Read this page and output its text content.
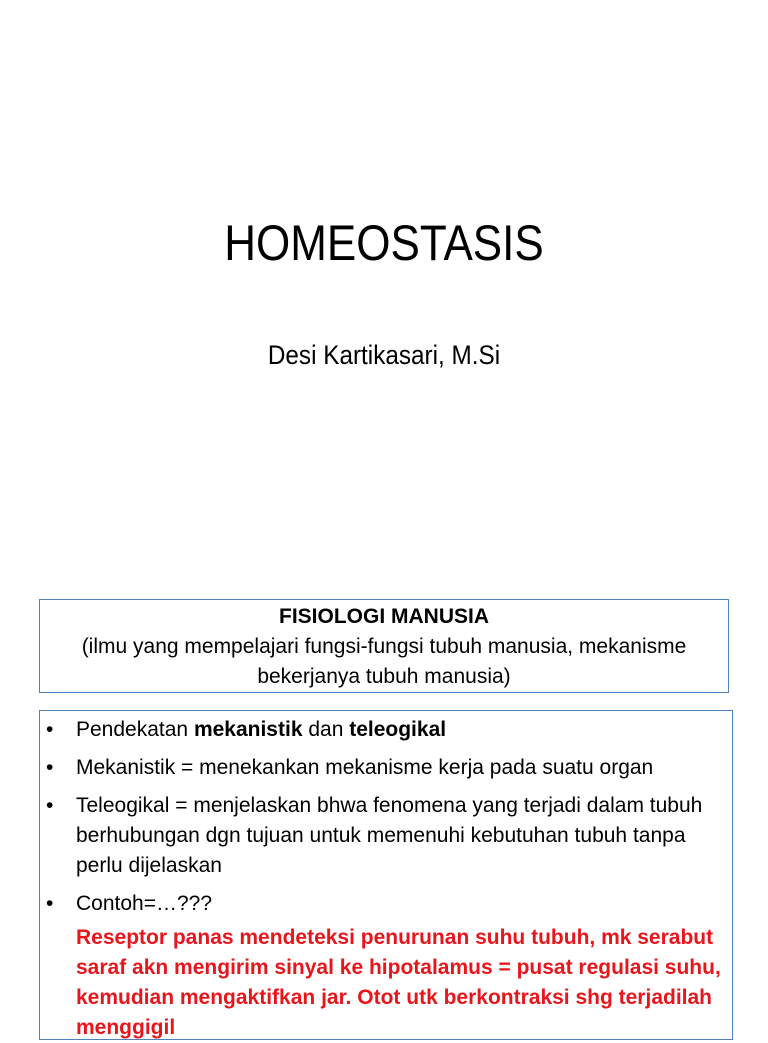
HOMEOSTASIS
Desi Kartikasari, M.Si
FISIOLOGI MANUSIA
(ilmu yang mempelajari fungsi-fungsi tubuh manusia, mekanisme bekerjanya tubuh manusia)
•	Pendekatan mekanistik dan teleogikal
•	Mekanistik = menekankan mekanisme kerja pada suatu organ
•	Teleogikal = menjelaskan bhwa fenomena yang terjadi dalam tubuh berhubungan dgn tujuan untuk memenuhi kebutuhan tubuh tanpa perlu dijelaskan
•	Contoh=…???
Reseptor panas mendeteksi penurunan suhu tubuh, mk serabut saraf akn mengirim sinyal ke hipotalamus = pusat regulasi suhu, kemudian mengaktifkan jar. Otot utk berkontraksi shg terjadilah menggigil
